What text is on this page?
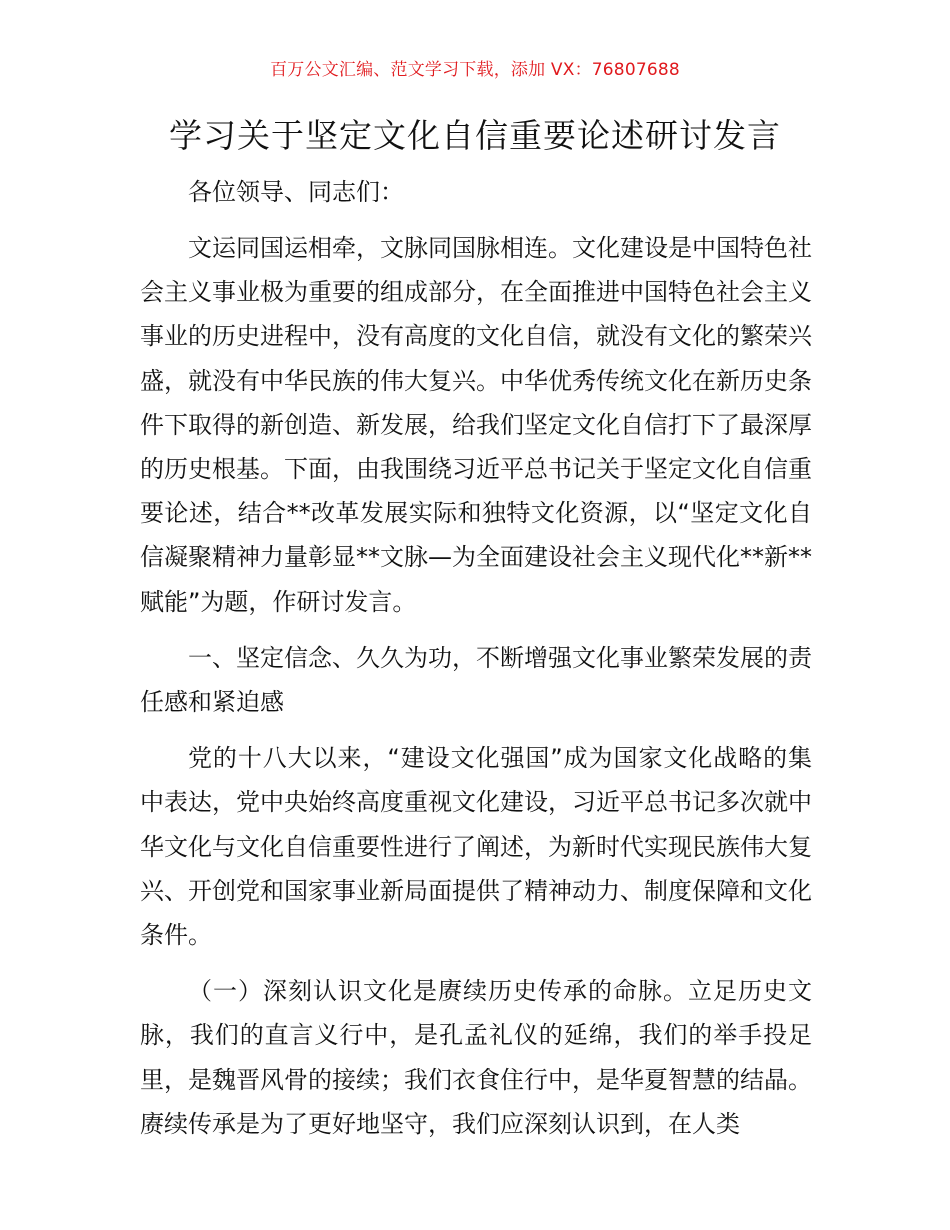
百万公文汇编、范文学习下载，添加 VX：76807688
学习关于坚定文化自信重要论述研讨发言

各位领导、同志们：

文运同国运相牵，文脉同国脉相连。文化建设是中国特色社会主义事业极为重要的组成部分，在全面推进中国特色社会主义事业的历史进程中，没有高度的文化自信，就没有文化的繁荣兴盛，就没有中华民族的伟大复兴。中华优秀传统文化在新历史条件下取得的新创造、新发展，给我们坚定文化自信打下了最深厚的历史根基。下面，由我围绕习近平总书记关于坚定文化自信重要论述，结合**改革发展实际和独特文化资源，以“坚定文化自信凝聚精神力量彰显**文脉—为全面建设社会主义现代化**新**赋能”为题，作研讨发言。

一、坚定信念、久久为功，不断增强文化事业繁荣发展的责任感和紧迫感

党的十八大以来，“建设文化强国”成为国家文化战略的集中表达，党中央始终高度重视文化建设，习近平总书记多次就中华文化与文化自信重要性进行了阐述，为新时代实现民族伟大复兴、开创党和国家事业新局面提供了精神动力、制度保障和文化条件。

（一）深刻认识文化是赓续历史传承的命脉。立足历史文脉，我们的直言义行中，是孔孟礼仪的延绵，我们的举手投足里，是魏晋风骨的接续；我们衣食住行中，是华夏智慧的结晶。赓续传承是为了更好地坚守，我们应深刻认识到，在人类
